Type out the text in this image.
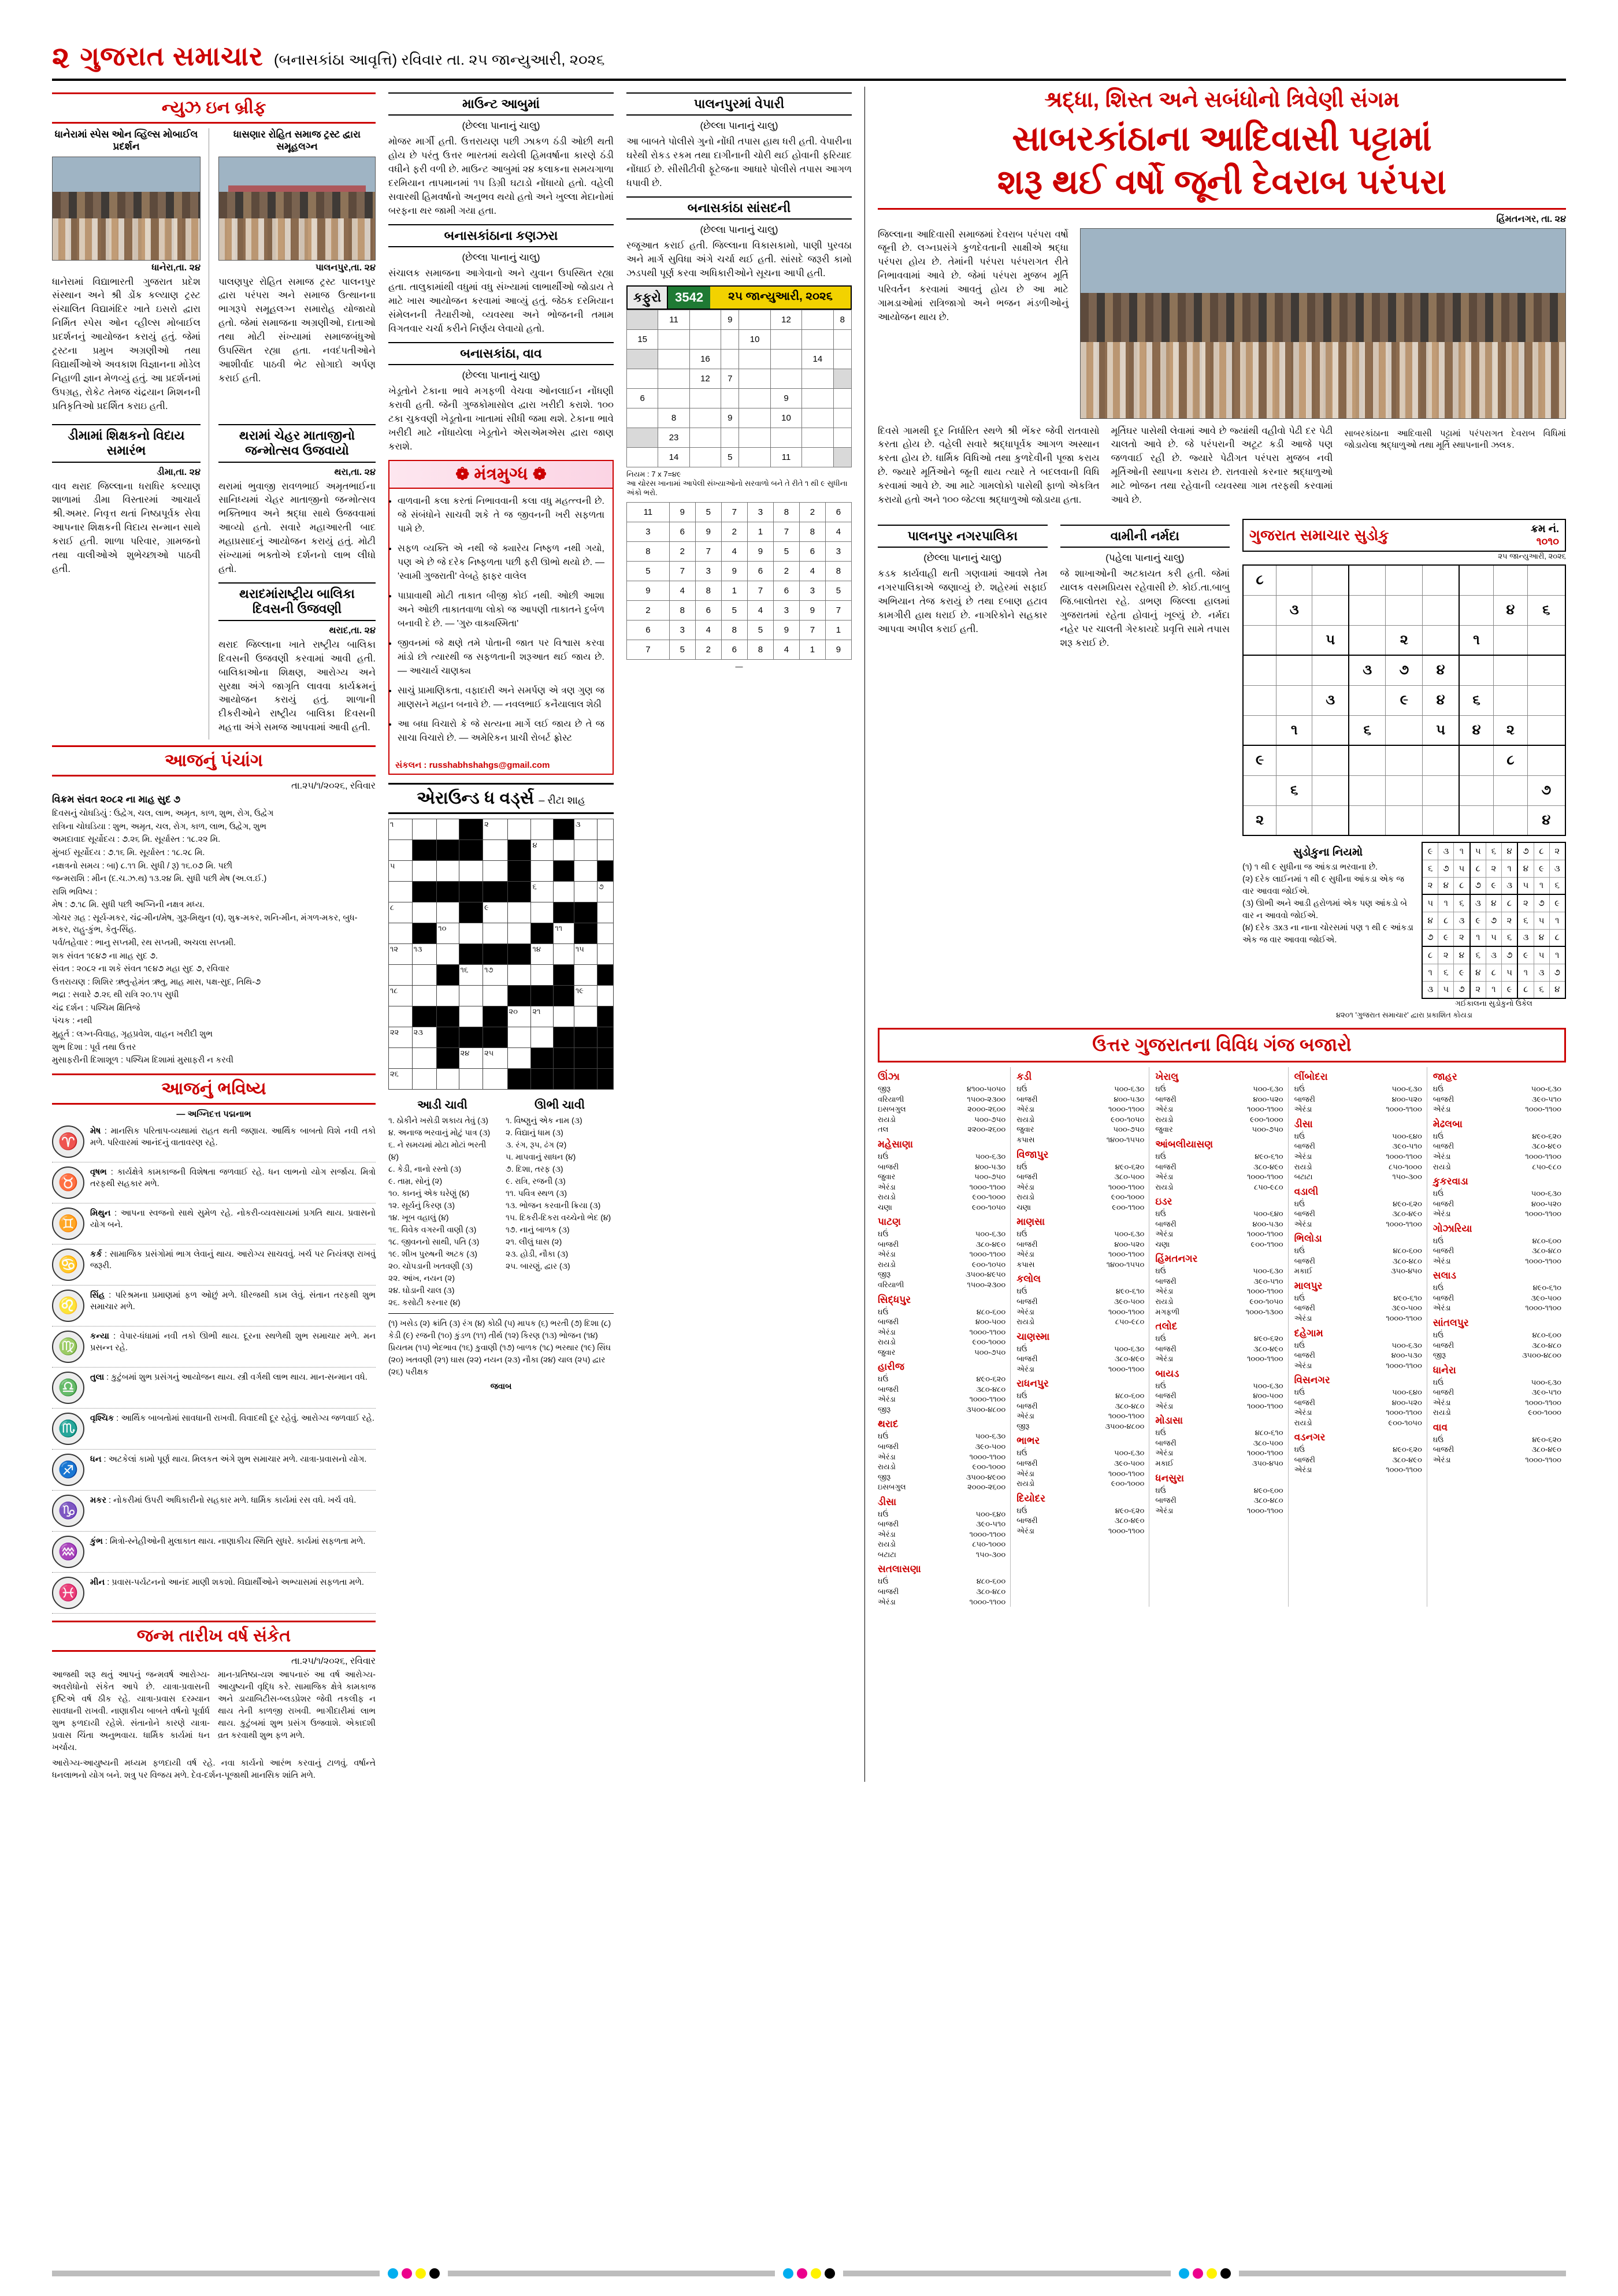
૨ ગુજરાત સમાચાર (બનાસકાંઠા આવૃત્તિ) રવિવાર તા. ૨૫ જાન્યુઆરી, ૨૦૨૬
ન્યુઝ ઇન બ્રીફ
ધાનેરામાં સ્પેસ ઓન વ્હિલ્સ મોબાઈલ પ્રદર્શન
ધાનેરા,તા. ૨૪

ધાનેરામાં વિદ્યાભારતી ગુજરાત પ્રદેશ સંસ્થાન અને શ્રી ડોંક કલ્યાણ ટ્રસ્ટ સંચાલિત વિદ્યામંદિર ખાતે ઇસરો દ્વારા નિર્મિત સ્પેસ ઓન વ્હીલ્સ મોબાઈલ પ્રદર્શનનું આયોજન કરાયું હતું. જેમાં ટ્રસ્ટના પ્રમુખ અગ્રણીઓ તથા વિદ્યાર્થીઓએ અવકાશ વિજ્ઞાનના મોડેલ નિહાળી જ્ઞાન મેળવ્યું હતું. આ પ્રદર્શનમાં ઉપગ્રહ, રોકેટ તેમજ ચંદ્રયાન મિશનની પ્રતિકૃતિઓ પ્રદર્શિત કરાઇ હતી.

ધાસણાર રોહિત સમાજ ટ્રસ્ટ દ્વારા સમૂહલગ્ન
પાલનપુર,તા. ૨૪

પાલણપુર રોહિત સમાજ ટ્રસ્ટ પાલનપુર દ્વારા પરંપરા અને સમાજ ઉત્થાનના ભાગરૂપે સમૂહલગ્ન સમારોહ યોજાયો હતો. જેમાં સમાજના અગ્રણીઓ, દાતાઓ તથા મોટી સંખ્યામાં સમાજબંધુઓ ઉપસ્થિત રહ્યા હતા. નવદંપતીઓને આશીર્વાદ પાઠવી ભેટ સોગાદો અર્પણ કરાઈ હતી.

ડીમામાં શિક્ષકનો વિદાય સમારંભ
ડીમા,તા. ૨૪

વાવ થરાદ જિલ્લાના ધરાધિર કલ્યાણ શાળામાં ડીમા વિસ્તારમાં આચાર્ય શ્રી.અમર. નિવૃત્ત થતાં નિષ્ઠાપૂર્વક સેવા આપનાર શિક્ષકની વિદાય સન્માન સાથે કરાઈ હતી. શાળા પરિવાર, ગ્રામજનો તથા વાલીઓએ શુભેચ્છાઓ પાઠવી હતી.

થરામાં ચેહર માતાજીનો જન્મોત્સવ ઉજવાયો
થરા,તા. ૨૪

થરામાં ભુવાજી રાવળભાઈ અમૃતભાઈના સાનિધ્યમાં ચેહર માતાજીનો જન્મોત્સવ ભક્તિભાવ અને શ્રદ્ધા સાથે ઉજવવામાં આવ્યો હતો. સવારે મહાઆરતી બાદ મહાપ્રસાદનું આયોજન કરાયું હતું. મોટી સંખ્યામાં ભક્તોએ દર્શનનો લાભ લીધો હતો.

થરાદમાંરાષ્ટ્રીય બાલિકા દિવસની ઉજવણી
થરાદ,તા. ૨૪

થરાદ જિલ્લાના ખાતે રાષ્ટ્રીય બાલિકા દિવસની ઉજવણી કરવામાં આવી હતી. બાલિકાઓના શિક્ષણ, આરોગ્ય અને સુરક્ષા અંગે જાગૃતિ લાવવા કાર્યક્રમનું આયોજન કરાયું હતું. શાળાની દીકરીઓને રાષ્ટ્રીય બાલિકા દિવસની મહત્તા અંગે સમજ આપવામાં આવી હતી.

આજનું પંચાંગ
તા.૨૫/૧/૨૦૨૬, રવિવાર
વિક્રમ સંવત ૨૦૮૨ ના માહ સુદ ૭
દિવસનું ચોઘડિયું : ઉદ્વેગ, ચલ, લાભ, અમૃત, કાળ, શુભ, રોગ, ઉદ્વેગ
રાત્રિના ચોઘડિયા : શુભ, અમૃત, ચલ, રોગ, કાળ, લાભ, ઉદ્વેગ, શુભ
અમદાવાદ સૂર્યોદય : ૭.૨૬ મિ. સૂર્યાસ્ત : ૧૮.૨૨ મિ.
મુંબઈ સૂર્યોદય : ૭.૧૬ મિ. સૂર્યાસ્ત : ૧૮.૨૮ મિ.
નક્ષત્રનો સમય : બા) ૮.૧૧ મિ. સુધી / રૂ) ૧૬.૦૭ મિ. પછી
જન્મરાશિ : મીન (દ.ચ.ઝ.થ) ૧૩.૨૪ મિ. સુધી પછી મેષ (અ.લ.ઈ.)
રાશિ ભવિષ્ય :
મેષ : ૭.૧૮ મિ. સુધી પછી અગ્નિની નક્ષત્ર મધ્ય.
ગોચર ગ્રહ : સૂર્ય-મકર, ચંદ્ર-મીન/મેષ, ગુરૂ-મિથુન (વ), શુક્ર-મકર, શનિ-મીન, મંગળ-મકર, બુધ-મકર, રાહુ-કુંભ, કેતુ-સિંહ.
પર્વ/તહેવાર : ભાનુ સપ્તમી, રથ સપ્તમી, અચલા સપ્તમી.
શક સંવત ૧૯૪૭ ના માહ સુદ ૭.
સંવત : ૨૦૮૨ ના શકે સંવત ૧૯૪૭ મહા સુદ ૭, રવિવાર
ઉત્તરાયણ : શિશિર ઋતુ-હેમંત ઋતુ, માહ માસ, પક્ષ-સુદ, તિથિ-૭
ભદ્રા : સવારે ૭.૨૬ થી રાત્રિ ૨૦.૧૫ સુધી
ચંદ્ર દર્શન : પશ્ચિમ ક્ષિતિજે
પંચક : નથી
મુહૂર્ત : લગ્ન-વિવાહ, ગૃહપ્રવેશ, વાહન ખરીદી શુભ
શુભ દિશા : પૂર્વ તથા ઉત્તર
મુસાફરીની દિશાશૂળ : પશ્ચિમ દિશામાં મુસાફરી ન કરવી
આજનું ભવિષ્ય
— અગ્નિદત્ત પદ્મનાભ
♈
મેષ : માનસિક પરિતાપ-વ્યથામાં રાહત થતી જણાય. આર્થિક બાબતો વિશે નવી તકો મળે. પરિવારમાં આનંદનું વાતાવરણ રહે.
♉
વૃષભ : કાર્યક્ષેત્રે કામકાજની વિશેષતા જળવાઈ રહે. ધન લાભનો યોગ સર્જાય. મિત્રો તરફથી સહકાર મળે.
♊
મિથુન : આપના સ્વજનો સાથે સુમેળ રહે. નોકરી-વ્યવસાયમાં પ્રગતિ થાય. પ્રવાસનો યોગ બને.
♋
કર્ક : સામાજિક પ્રસંગોમાં ભાગ લેવાનું થાય. આરોગ્ય સાચવવું. ખર્ચ પર નિયંત્રણ રાખવું જરૂરી.
♌
સિંહ : પરિશ્રમના પ્રમાણમાં ફળ ઓછું મળે. ધીરજથી કામ લેવું. સંતાન તરફથી શુભ સમાચાર મળે.
♍
કન્યા : વેપાર-ધંધામાં નવી તકો ઊભી થાય. દૂરના સ્થળેથી શુભ સમાચાર મળે. મન પ્રસન્ન રહે.
♎
તુલા : કુટુંબમાં શુભ પ્રસંગનું આયોજન થાય. સ્ત્રી વર્ગથી લાભ થાય. માન-સન્માન વધે.
♏
વૃશ્ચિક : આર્થિક બાબતોમાં સાવધાની રાખવી. વિવાદથી દૂર રહેવું. આરોગ્ય જળવાઈ રહે.
♐
ધન : અટકેલાં કામો પૂર્ણ થાય. મિલકત અંગે શુભ સમાચાર મળે. યાત્રા-પ્રવાસનો યોગ.
♑
મકર : નોકરીમાં ઉપરી અધિકારીનો સહકાર મળે. ધાર્મિક કાર્યમાં રસ વધે. ખર્ચ વધે.
♒
કુંભ : મિત્રો-સ્નેહીઓની મુલાકાત થાય. નાણાકીય સ્થિતિ સુધરે. કાર્યમાં સફળતા મળે.
♓
મીન : પ્રવાસ-પર્યટનનો આનંદ માણી શકશો. વિદ્યાર્થીઓને અભ્યાસમાં સફળતા મળે.
જન્મ તારીખ વર્ષ સંકેત
તા.૨૫/૧/૨૦૨૬, રવિવાર
આજથી શરૂ થતું આપનું જન્મવર્ષ આરોગ્ય-અવરોધોનો સંકેત આપે છે. યાત્રા-પ્રવાસની દૃષ્ટિએ વર્ષ ઠીક રહે. યાત્રા-પ્રવાસ દરમ્યાન સાવધાની રાખવી. નાણાકીય બાબતે વર્ષનો પૂર્વાર્ધ શુભ ફળદાયી રહેશે. સંતાનોને કારણે યાત્રા-પ્રવાસ ચિંતા અનુભવાય. ધાર્મિક કાર્યમાં ધન ખર્ચાય.
માન-પ્રતિષ્ઠા-યશ આપનારું આ વર્ષ આરોગ્ય-આયુષ્યની વૃદ્ધિ કરે. સામાજિક ક્ષેત્રે કામકાજ અને ડાયાબિટીસ-બ્લડપ્રેશર જેવી તકલીફ ન થાય તેની કાળજી રાખવી. ભાગીદારીમાં લાભ થાય. કુટુંબમાં શુભ પ્રસંગ ઉજવાશે. એકાદશી વ્રત કરવાથી શુભ ફળ મળે.
આરોગ્ય-આયુષ્યની મધ્યમ ફળદાયી વર્ષ રહે. નવા કાર્યનો આરંભ કરવાનું ટાળવું. વર્ષાન્તે ધનલાભનો યોગ બને. શત્રુ પર વિજય મળે. દેવ-દર્શન-પૂજાથી માનસિક શાંતિ મળે.
માઉન્ટ આબુમાં
(છેલ્લા પાનાનું ચાલુ)

મોજર માર્ગી હતી. ઉત્તરાયણ પછી ઝાકળ ઠંડી ઓછી થતી હોય છે પરંતુ ઉત્તર ભારતમાં થયેલી હિમવર્ષાના કારણે ઠંડી વધીને ફરી વળી છે. માઉન્ટ આબુમાં ૨૪ કલાકના સમયગાળા દરમિયાન તાપમાનમાં ૧૫ ડિગ્રી ઘટાડો નોંધાયો હતો. વહેલી સવારથી હિમવર્ષાનો અનુભવ થયો હતો અને ખુલ્લા મેદાનોમાં બરફના થર જામી ગયા હતા.

બનાસકાંઠાના કણઝરા
(છેલ્લા પાનાનું ચાલુ)

સંચાલક સમાજના આગેવાનો અને યુવાન ઉપસ્થિત રહ્યા હતા. તાલુકામાંથી વધુમાં વધુ સંખ્યામાં લાભાર્થીઓ જોડાય તે માટે ખાસ આયોજન કરવામાં આવ્યું હતું. જેઠક દરમિયાન સંમેલનની તૈયારીઓ, વ્યવસ્થા અને ભોજનની તમામ વિગતવાર ચર્ચા કરીને નિર્ણય લેવાયો હતો.

બનાસકાંઠા, વાવ
(છેલ્લા પાનાનું ચાલુ)

ખેડૂતોને ટેકાના ભાવે મગફળી વેચવા ઓનલાઈન નોંધણી કરાવી હતી. જેની ગુજકોમાસોલ દ્વારા ખરીદી કરાશે. ૧૦૦ ટકા ચુકવણી ખેડૂતોના ખાતામાં સીધી જમા થશે. ટેકાના ભાવે ખરીદી માટે નોંધાયેલા ખેડૂતોને એસએમએસ દ્વારા જાણ કરાશે.

❁ મંત્રમુગ્ધ ❁
• વાળવાની કલા કરતાં નિભાવવાની કલા વધુ મહત્ત્વની છે. જે સંબંધોને સાચવી શકે તે જ જીવનની ખરી સફળતા પામે છે.
• સફળ વ્યક્તિ એ નથી જે ક્યારેય નિષ્ફળ નથી ગયો, પણ એ છે જે દરેક નિષ્ફળતા પછી ફરી ઊભો થયો છે. — 'સ્વામી ગુજરાતી' વેબહે ફાફર વાલેલ
• પાપ્રાવાથી મોટી તાકાત બીજી કોઈ નથી. ઓછી આશા અને ઓછી તાકાતવાળા લોકો જ આપણી તાકાતને દુર્બળ બનાવી દે છે. — 'ગુરુ વાક્યસ્મિતા'
• જીવનમાં જે ક્ષણે તમે પોતાની જાત પર વિશ્વાસ કરવા માંડો છો ત્યારથી જ સફળતાની શરૂઆત થઈ જાય છે. — આચાર્ય ચાણક્ય
• સાચું પ્રામાણિકતા, વફાદારી અને સમર્પણ એ ત્રણ ગુણ જ માણસને મહાન બનાવે છે. — નવલભાઈ કનૈયાલાલ શેઠી
• આ બધા વિચારો કે જે સત્યના માર્ગે લઈ જાય છે તે જ સાચા વિચારો છે. — અમેરિકન પ્રાચી રોબર્ટ ફ્રોસ્ટ
સંકલન : russhabhshahgs@gmail.com
એરાઉન્ડ ધ વર્ડ્સ – રીટા શાહ
૧				૨				૩	
						૪			
૫									
						૬			૭
૮				૯					
		૧૦					૧૧		
૧૨	૧૩					૧૪		૧૫	
			૧૬	૧૭					
૧૮								૧૯	
					૨૦	૨૧			
૨૨	૨૩								
			૨૪	૨૫					
૨૬									
આડી ચાવી
૧. ઠોકીને ખસેડી શકાય તેવું (૩)
૪. અનાજ ભરવાનું મોટું પાત્ર (૩)
૬. ને સમયમાં મોટા મોટાં ભરતી (૪)
૮. કેડી, નાનો રસ્તો (૩)
૯. તામ્ર, સોનું (૨)
૧૦. કાનનું એક ઘરેણું (૪)
૧૨. સૂર્યનું કિરણ (૩)
૧૪. ખૂબ વહાલું (૪)
૧૬. વિવેક વગરની વાણી (૩)
૧૮. જીવનનો સાથી, પતિ (૩)
૧૯. શીખ પુરુષની અટક (૩)
૨૦. ચોપડાની ખતવણી (૩)
૨૨. આંખ, નયન (૨)
૨૪. ઘોડાની ચાલ (૩)
૨૬. કસોટી કરનાર (૪)
ઊભી ચાવી
૧. વિષ્ણુનું એક નામ (૩)
૨. વિદ્યાનું ધામ (૩)
૩. રંગ, રૂપ, ઢંગ (૨)
૫. માપવાનું સાધન (૪)
૭. દિશા, તરફ (૩)
૯. રાત્રિ, રજની (૩)
૧૧. પવિત્ર સ્થળ (૩)
૧૩. ભોજન કરવાની ક્રિયા (૩)
૧૫. દિકરી-દિકરા વચ્ચેનો ભેદ (૪)
૧૭. નાનું બાળક (૩)
૨૧. લીલું ઘાસ (૨)
૨૩. હોડી, નૌકા (૩)
૨૫. બારણું, દ્વાર (૩)
(૧) ખસેડ (૨) ક્રાંતિ (૩) રંગ (૪) કોઠી (૫) માપક (૬) ભરતી (૭) દિશા (૮) કેડી (૯) રજની (૧૦) કુંડળ (૧૧) તીર્થ (૧૨) કિરણ (૧૩) ભોજન (૧૪) પ્રિયતમ (૧૫) ભેદભાવ (૧૬) કુવાણી (૧૭) બાળક (૧૮) ભરથાર (૧૯) સિંઘ (૨૦) ખતવણી (૨૧) ઘાસ (૨૨) નયન (૨૩) નૌકા (૨૪) ચાલ (૨૫) દ્વાર (૨૬) પરીક્ષક
જવાબ
પાલનપુરમાં વેપારી
(છેલ્લા પાનાનું ચાલુ)

આ બાબતે પોલીસે ગુનો નોંધી તપાસ હાથ ધરી હતી. વેપારીના ઘરેથી રોકડ રકમ તથા દાગીનાની ચોરી થઈ હોવાની ફરિયાદ નોંધાઈ છે. સીસીટીવી ફૂટેજના આધારે પોલીસે તપાસ આગળ ધપાવી છે.

બનાસકાંઠા સાંસદની
(છેલ્લા પાનાનું ચાલુ)

રજૂઆત કરાઈ હતી. જિલ્લાના વિકાસકામો, પાણી પુરવઠા અને માર્ગ સુવિધા અંગે ચર્ચા થઈ હતી. સાંસદે જરૂરી કામો ઝડપથી પૂર્ણ કરવા અધિકારીઓને સૂચના આપી હતી.

કફુરો	3542	૨૫ જાન્યુઆરી, ૨૦૨૬
	11		9		12		8
15				10			
		16				14	
		12	7				
6					9		
	8		9		10		
	23						
	14		5		11		
નિયમ : 7 x 7=૪૯
આ ચોરસ ખાનામાં આપેલી સંખ્યાઓનો સરવાળો બને તે રીતે ૧ થી ૯ સુધીના અંકો ભરો.
11	9	5	7	3	8	2	6
3	6	9	2	1	7	8	4
8	2	7	4	9	5	6	3
5	7	3	9	6	2	4	8
9	4	8	1	7	6	3	5
2	8	6	5	4	3	9	7
6	3	4	8	5	9	7	1
7	5	2	6	8	4	1	9
—
શ્રદ્ધા, શિસ્ત અને સબંધોનો ત્રિવેણી સંગમ
સાબરકાંઠાના આદિવાસી પટ્ટામાં
શરૂ થઈ વર્ષો જૂની દેવરાબ પરંપરા
હિંમતનગર, તા. ૨૪

જિલ્લાના આદિવાસી સમાજમાં દેવરાબ પરંપરા વર્ષો જૂની છે. લગ્નપ્રસંગે કુળદેવતાની સાક્ષીએ શ્રદ્ધા પરંપરા હોય છે. તેમાંની પરંપરા પરંપરાગત રીતે નિભાવવામાં આવે છે. જેમાં પરંપરા મુજબ મૂર્તિ પરિવર્તન કરવામાં આવતું હોય છે આ માટે ગામડાઓમાં રાત્રિજાગો અને ભજન મંડળીઓનું આયોજન થાય છે.

દિવસે ગામથી દૂર નિર્ધારિત સ્થળે શ્રી ભેંકર જેવી રાતવાસો કરતા હોય છે. વહેલી સવારે શ્રદ્ધાપૂર્વક આગળ અસ્થાન કરતા હોય છે. ધાર્મિક વિધિઓ તથા કુળદેવીની પૂજા કરાય છે. જ્યારે મૂર્તિઓને જૂની થાય ત્યારે તે બદલવાની વિધિ કરવામાં આવે છે. આ માટે ગામલોકો પાસેથી ફાળો એકત્રિત કરાયો હતો અને ૧૦૦ જેટલા શ્રદ્ધાળુઓ જોડાયા હતા.

મૂર્તિઘર પાસેથી લેવામાં આવે છે જ્યાંથી વહીવો પેઢી દર પેઢી ચાલતો આવે છે. જે પરંપરાની અટૂટ કડી આજે પણ જળવાઈ રહી છે. જ્યારે પેઢીગત પરંપરા મુજબ નવી મૂર્તિઓની સ્થાપના કરાય છે. રાતવાસો કરનાર શ્રદ્ધાળુઓ માટે ભોજન તથા રહેવાની વ્યવસ્થા ગામ તરફથી કરવામાં આવે છે.

સાબરકાંઠાના આદિવાસી પટ્ટામાં પરંપરાગત દેવરાબ વિધિમાં જોડાયેલા શ્રદ્ધાળુઓ તથા મૂર્તિ સ્થાપનાની ઝલક.

પાલનપુર નગરપાલિકા
(છેલ્લા પાનાનું ચાલુ)

કડક કાર્યવાહી થતી ગણવામાં આવશે તેમ નગરપાલિકાએ જણાવ્યું છે. શહેરમાં સફાઈ અભિયાન તેજ કરાયું છે તથા દબાણ હટાવ કામગીરી હાથ ધરાઈ છે. નાગરિકોને સહકાર આપવા અપીલ કરાઈ હતી.

વામીની નર્મદા
(પહેલા પાનાનું ચાલુ)

જે શાખાઓની અટકાયત કરી હતી. જેમાં યાલક વસમપ્રિયસ રહેવાસી છે. કોઈ.તા.બાબુ જિ.બાલોતરા રહે. ડાભણ જિલ્લા હાલમાં ગુજરાતમાં રહેતા હોવાનું ખૂલ્યું છે. નર્મદા નહેર પર ચાલતી ગેરકાયદે પ્રવૃત્તિ સામે તપાસ શરૂ કરાઈ છે.

ગુજરાત સમાચાર સુડોકુ	ક્રમ નં.
૧૦૧૦
૨૫ જાન્યુઆરી, ૨૦૨૬
૮								
	૩						૪	૬
		૫		૨		૧		
			૩	૭	૪			
		૩		૯	૪	૬		
	૧		૬		૫	૪	૨	
૯							૮	
	૬							૭
૨								૪
સુડોકુના નિયમો
(૧) ૧ થી ૯ સુધીના જ આંકડા ભરવાના છે.
(૨) દરેક લાઈનમાં ૧ થી ૯ સુધીના આંકડા એક જ વાર આવવા જોઈએ.
(૩) ઊભી અને આડી હરોળમાં એક પણ આંકડો બે વાર ન આવવો જોઈએ.
(૪) દરેક ૩x૩ ના નાના ચોરસમાં પણ ૧ થી ૯ આંકડા એક જ વાર આવવા જોઈએ.
૯	૩	૧	૫	૬	૪	૭	૮	૨
૬	૭	૫	૮	૨	૧	૪	૯	૩
૨	૪	૮	૭	૯	૩	૫	૧	૬
૫	૧	૬	૩	૪	૮	૨	૭	૯
૪	૮	૩	૯	૭	૨	૬	૫	૧
૭	૯	૨	૧	૫	૬	૩	૪	૮
૮	૨	૪	૬	૩	૭	૯	૫	૧
૧	૬	૯	૪	૮	૫	૧	૩	૭
૩	૫	૭	૨	૧	૯	૮	૬	૪
ગઈકાલના સુડોકુનો ઉકેલ
૪૨૦૧ 'ગુજરાત સમાચાર' દ્વારા પ્રકાશિત કોયડા
ઉત્તર ગુજરાતના વિવિધ ગંજ બજારો
ઊંઝા
જીરૂ	૪૧૦૦-૫૦૫૦
વરિયાળી	૧૫૦૦-૨૩૦૦
ઇસબગુલ	૨૦૦૦-૨૬૦૦
રાયડો	૫૦૦-૭૫૦
તલ	૨૨૦૦-૨૬૦૦
મહેસાણા
ઘઉં	૫૦૦-૬૩૦
બાજરી	૪૦૦-૫૩૦
જુવાર	૫૦૦-૭૫૦
એરંડા	૧૦૦૦-૧૧૦૦
રાયડો	૯૦૦-૧૦૦૦
ચણા	૯૦૦-૧૦૫૦
પાટણ
ઘઉં	૫૦૦-૬૩૦
બાજરી	૩૮૦-૪૯૦
એરંડા	૧૦૦૦-૧૧૦૦
રાયડો	૯૦૦-૧૦૫૦
જીરૂ	૩૫૦૦-૪૯૫૦
વરિયાળી	૧૫૦૦-૨૩૦૦
સિદ્ધપુર
ઘઉં	૪૮૦-૬૦૦
બાજરી	૪૦૦-૫૦૦
એરંડા	૧૦૦૦-૧૧૦૦
રાયડો	૯૦૦-૧૦૦૦
જુવાર	૫૦૦-૭૫૦
હારીજ
ઘઉં	૪૯૦-૬૨૦
બાજરી	૩૮૦-૪૮૦
એરંડા	૧૦૦૦-૧૧૦૦
જીરૂ	૩૫૦૦-૪૮૦૦
થરાદ
ઘઉં	૫૦૦-૬૩૦
બાજરી	૩૯૦-૫૦૦
એરંડા	૧૦૦૦-૧૧૦૦
રાયડો	૯૦૦-૧૦૦૦
જીરૂ	૩૫૦૦-૪૯૦૦
ઇસબગુલ	૨૦૦૦-૨૬૦૦
ડીસા
ઘઉં	૫૦૦-૬૪૦
બાજરી	૩૯૦-૫૧૦
એરંડા	૧૦૦૦-૧૧૦૦
રાયડો	૮૫૦-૧૦૦૦
બટાટા	૧૫૦-૩૦૦
સતલાસણા
ઘઉં	૪૮૦-૬૦૦
બાજરી	૩૮૦-૪૮૦
એરંડા	૧૦૦૦-૧૧૦૦
કડી
ઘઉં	૫૦૦-૬૩૦
બાજરી	૪૦૦-૫૩૦
એરંડા	૧૦૦૦-૧૧૦૦
રાયડો	૯૦૦-૧૦૫૦
જુવાર	૫૦૦-૭૫૦
કપાસ	૧૪૦૦-૧૫૫૦
વિજાપુર
ઘઉં	૪૯૦-૬૨૦
બાજરી	૩૮૦-૫૦૦
એરંડા	૧૦૦૦-૧૧૦૦
રાયડો	૯૦૦-૧૦૦૦
ચણા	૯૦૦-૧૧૦૦
માણસા
ઘઉં	૫૦૦-૬૩૦
બાજરી	૪૦૦-૫૨૦
એરંડા	૧૦૦૦-૧૧૦૦
કપાસ	૧૪૦૦-૧૫૫૦
કલોલ
ઘઉં	૪૯૦-૬૧૦
બાજરી	૩૯૦-૫૦૦
એરંડા	૧૦૦૦-૧૧૦૦
રાયડો	૮૫૦-૯૮૦
ચાણસ્મા
ઘઉં	૫૦૦-૬૩૦
બાજરી	૩૮૦-૪૯૦
એરંડા	૧૦૦૦-૧૧૦૦
રાધનપુર
ઘઉં	૪૮૦-૬૦૦
બાજરી	૩૮૦-૪૮૦
એરંડા	૧૦૦૦-૧૧૦૦
જીરૂ	૩૫૦૦-૪૮૦૦
ભાભર
ઘઉં	૫૦૦-૬૩૦
બાજરી	૩૯૦-૫૦૦
એરંડા	૧૦૦૦-૧૧૦૦
રાયડો	૯૦૦-૧૦૦૦
દિયોદર
ઘઉં	૪૯૦-૬૨૦
બાજરી	૩૮૦-૪૯૦
એરંડા	૧૦૦૦-૧૧૦૦
ખેરાલુ
ઘઉં	૫૦૦-૬૩૦
બાજરી	૪૦૦-૫૨૦
એરંડા	૧૦૦૦-૧૧૦૦
રાયડો	૯૦૦-૧૦૦૦
જુવાર	૫૦૦-૭૫૦
આંબલીયાસણ
ઘઉં	૪૯૦-૬૧૦
બાજરી	૩૮૦-૪૯૦
એરંડા	૧૦૦૦-૧૧૦૦
રાયડો	૮૫૦-૯૮૦
ઇડર
ઘઉં	૫૦૦-૬૪૦
બાજરી	૪૦૦-૫૩૦
એરંડા	૧૦૦૦-૧૧૦૦
ચણા	૯૦૦-૧૧૦૦
હિંમતનગર
ઘઉં	૫૦૦-૬૩૦
બાજરી	૩૯૦-૫૧૦
એરંડા	૧૦૦૦-૧૧૦૦
રાયડો	૯૦૦-૧૦૫૦
મગફળી	૧૦૦૦-૧૩૦૦
તલોદ
ઘઉં	૪૯૦-૬૨૦
બાજરી	૩૮૦-૪૯૦
એરંડા	૧૦૦૦-૧૧૦૦
બાયડ
ઘઉં	૫૦૦-૬૩૦
બાજરી	૪૦૦-૫૦૦
એરંડા	૧૦૦૦-૧૧૦૦
મોડાસા
ઘઉં	૪૮૦-૬૧૦
બાજરી	૩૮૦-૫૦૦
એરંડા	૧૦૦૦-૧૧૦૦
મકાઈ	૩૫૦-૪૫૦
ધનસુરા
ઘઉં	૪૯૦-૬૦૦
બાજરી	૩૮૦-૪૮૦
એરંડા	૧૦૦૦-૧૧૦૦
લીંબોદરા
ઘઉં	૫૦૦-૬૩૦
બાજરી	૪૦૦-૫૨૦
એરંડા	૧૦૦૦-૧૧૦૦
ડીસા
ઘઉં	૫૦૦-૬૪૦
બાજરી	૩૯૦-૫૧૦
એરંડા	૧૦૦૦-૧૧૦૦
રાયડો	૮૫૦-૧૦૦૦
બટાટા	૧૫૦-૩૦૦
વડાલી
ઘઉં	૪૯૦-૬૨૦
બાજરી	૩૮૦-૪૯૦
એરંડા	૧૦૦૦-૧૧૦૦
ભિલોડા
ઘઉં	૪૮૦-૬૦૦
બાજરી	૩૮૦-૪૮૦
મકાઈ	૩૫૦-૪૫૦
માલપુર
ઘઉં	૪૯૦-૬૧૦
બાજરી	૩૯૦-૫૦૦
એરંડા	૧૦૦૦-૧૧૦૦
દહેગામ
ઘઉં	૫૦૦-૬૩૦
બાજરી	૪૦૦-૫૩૦
એરંડા	૧૦૦૦-૧૧૦૦
વિસનગર
ઘઉં	૫૦૦-૬૪૦
બાજરી	૪૦૦-૫૨૦
એરંડા	૧૦૦૦-૧૧૦૦
રાયડો	૯૦૦-૧૦૫૦
વડનગર
ઘઉં	૪૯૦-૬૨૦
બાજરી	૩૮૦-૪૯૦
એરંડા	૧૦૦૦-૧૧૦૦
જાહર
ઘઉં	૫૦૦-૬૩૦
બાજરી	૩૯૦-૫૧૦
એરંડા	૧૦૦૦-૧૧૦૦
મેઢલબા
ઘઉં	૪૯૦-૬૨૦
બાજરી	૩૮૦-૪૯૦
એરંડા	૧૦૦૦-૧૧૦૦
રાયડો	૮૫૦-૯૮૦
કુકરવાડા
ઘઉં	૫૦૦-૬૩૦
બાજરી	૪૦૦-૫૨૦
એરંડા	૧૦૦૦-૧૧૦૦
ગોઝારિયા
ઘઉં	૪૮૦-૬૦૦
બાજરી	૩૮૦-૪૮૦
એરંડા	૧૦૦૦-૧૧૦૦
સલાડ
ઘઉં	૪૯૦-૬૧૦
બાજરી	૩૯૦-૫૦૦
એરંડા	૧૦૦૦-૧૧૦૦
સાંતલપુર
ઘઉં	૪૮૦-૬૦૦
બાજરી	૩૮૦-૪૮૦
જીરૂ	૩૫૦૦-૪૮૦૦
ધાનેરા
ઘઉં	૫૦૦-૬૩૦
બાજરી	૩૯૦-૫૧૦
એરંડા	૧૦૦૦-૧૧૦૦
રાયડો	૯૦૦-૧૦૦૦
વાવ
ઘઉં	૪૯૦-૬૨૦
બાજરી	૩૮૦-૪૯૦
એરંડા	૧૦૦૦-૧૧૦૦
